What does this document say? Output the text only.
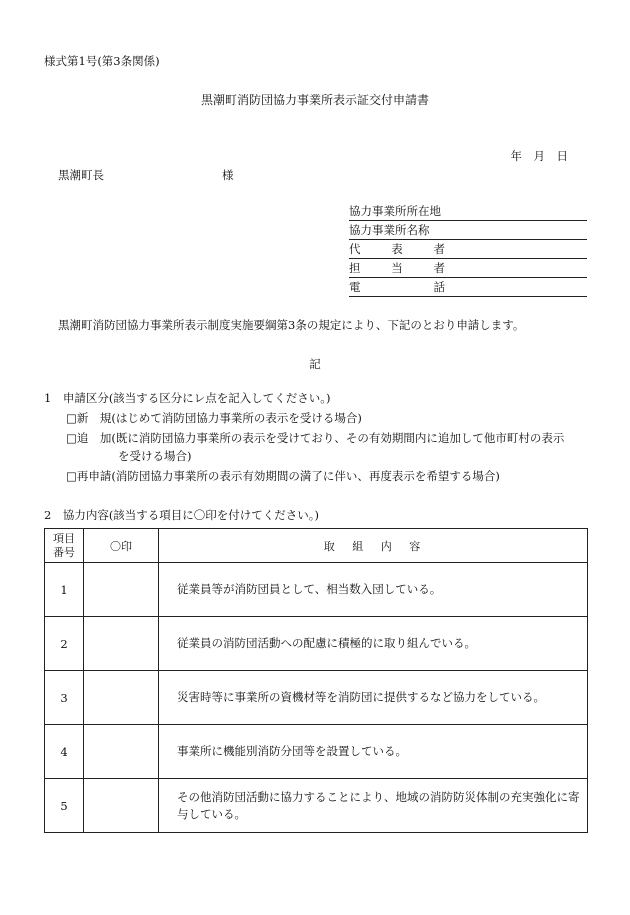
様式第1号(第3条関係)
黒潮町消防団協力事業所表示証交付申請書
年　月　日
黒潮町長	様
協力事業所所在地
協力事業所名称
代	表	者
担	当	者
電	話
黒潮町消防団協力事業所表示制度実施要綱第3条の規定により、下記のとおり申請します。
記
1　申請区分(該当する区分にレ点を記入してください。)
□新　規(はじめて消防団協力事業所の表示を受ける場合)
□追　加(既に消防団協力事業所の表示を受けており、その有効期間内に追加して他市町村の表示
を受ける場合)
□再申請(消防団協力事業所の表示有効期間の満了に伴い、再度表示を希望する場合)
2　協力内容(該当する項目に〇印を付けてください。)
項目
番号	〇印	取 組 内 容
1		従業員等が消防団員として、相当数入団している。
2		従業員の消防団活動への配慮に積極的に取り組んでいる。
3		災害時等に事業所の資機材等を消防団に提供するなど協力をしている。
4		事業所に機能別消防分団等を設置している。
5		その他消防団活動に協力することにより、地域の消防防災体制の充実強化に寄与している。
